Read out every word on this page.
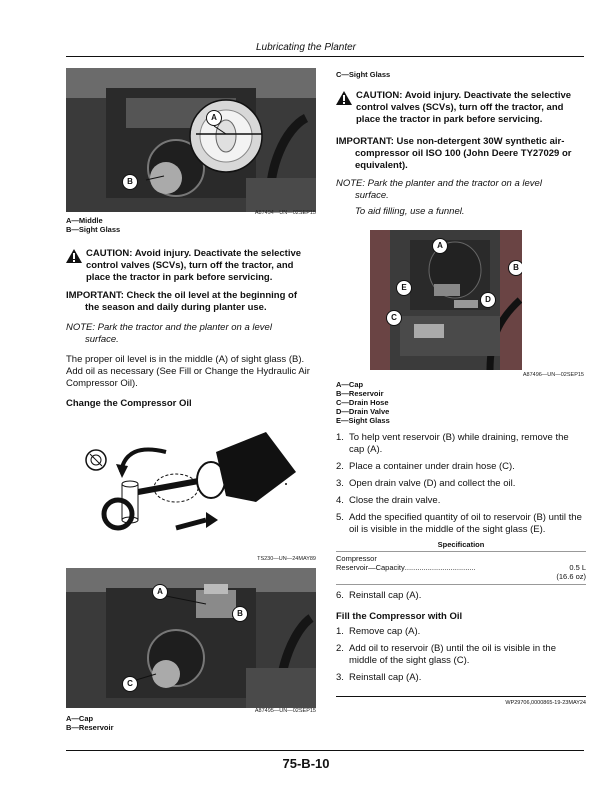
Lubricating the Planter
A
B
A87494—UN—02SEP15
A—Middle
B—Sight Glass
CAUTION: Avoid injury. Deactivate the selective control valves (SCVs), turn off the tractor, and place the tractor in park before servicing.
IMPORTANT: Check the oil level at the beginning of
the season and daily during planter use.
NOTE: Park the tractor and the planter on a level
surface.
The proper oil level is in the middle (A) of sight glass (B). Add oil as necessary (See Fill or Change the Hydraulic Air Compressor Oil).
Change the Compressor Oil
TS230—UN—24MAY89
A
B
C
A87495—UN—02SEP15
A—Cap
B—Reservoir
C—Sight Glass
CAUTION: Avoid injury. Deactivate the selective control valves (SCVs), turn off the tractor, and place the tractor in park before servicing.
IMPORTANT: Use non-detergent 30W synthetic air-
compressor oil ISO 100 (John Deere TY27029 or equivalent).
NOTE: Park the planter and the tractor on a level
surface.
To aid filling, use a funnel.
A
B
C
D
E
A87496—UN—02SEP15
A—Cap
B—Reservoir
C—Drain Hose
D—Drain Valve
E—Sight Glass
1. To help vent reservoir (B) while draining, remove the cap (A).
2. Place a container under drain hose (C).
3. Open drain valve (D) and collect the oil.
4. Close the drain valve.
5. Add the specified quantity of oil to reservoir (B) until the oil is visible in the middle of the sight glass (E).
Specification
Compressor
Reservoir—Capacity ..................................	0.5 L
(16.6 oz)
6. Reinstall cap (A).
Fill the Compressor with Oil
1. Remove cap (A).
2. Add oil to reservoir (B) until the oil is visible in the middle of the sight glass (C).
3. Reinstall cap (A).
WP29706,0000865-19-23MAY24
75-B-10
